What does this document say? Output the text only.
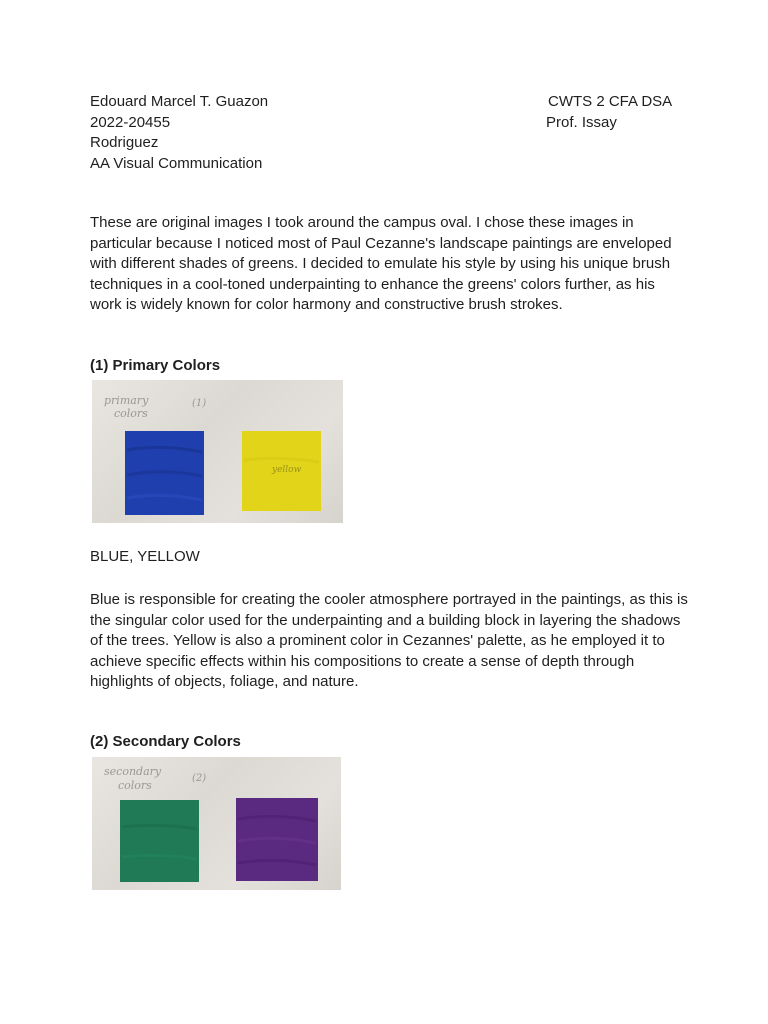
Edouard Marcel T. Guazon
2022-20455
Rodriguez
AA Visual Communication
CWTS 2 CFA DSA
Prof. Issay

These are original images I took around the campus oval. I chose these images in particular because I noticed most of Paul Cezanne's landscape paintings are enveloped with different shades of greens. I decided to emulate his style by using his unique brush techniques in a cool-toned underpainting to enhance the greens' colors further, as his work is widely known for color harmony and constructive brush strokes.

(1) Primary Colors

primary	(1)
colors
yellow

BLUE, YELLOW

Blue is responsible for creating the cooler atmosphere portrayed in the paintings, as this is the singular color used for the underpainting and a building block in layering the shadows of the trees. Yellow is also a prominent color in Cezannes' palette, as he employed it to achieve specific effects within his compositions to create a sense of depth through highlights of objects, foliage, and nature.

(2) Secondary Colors

secondary
(2)
colors
